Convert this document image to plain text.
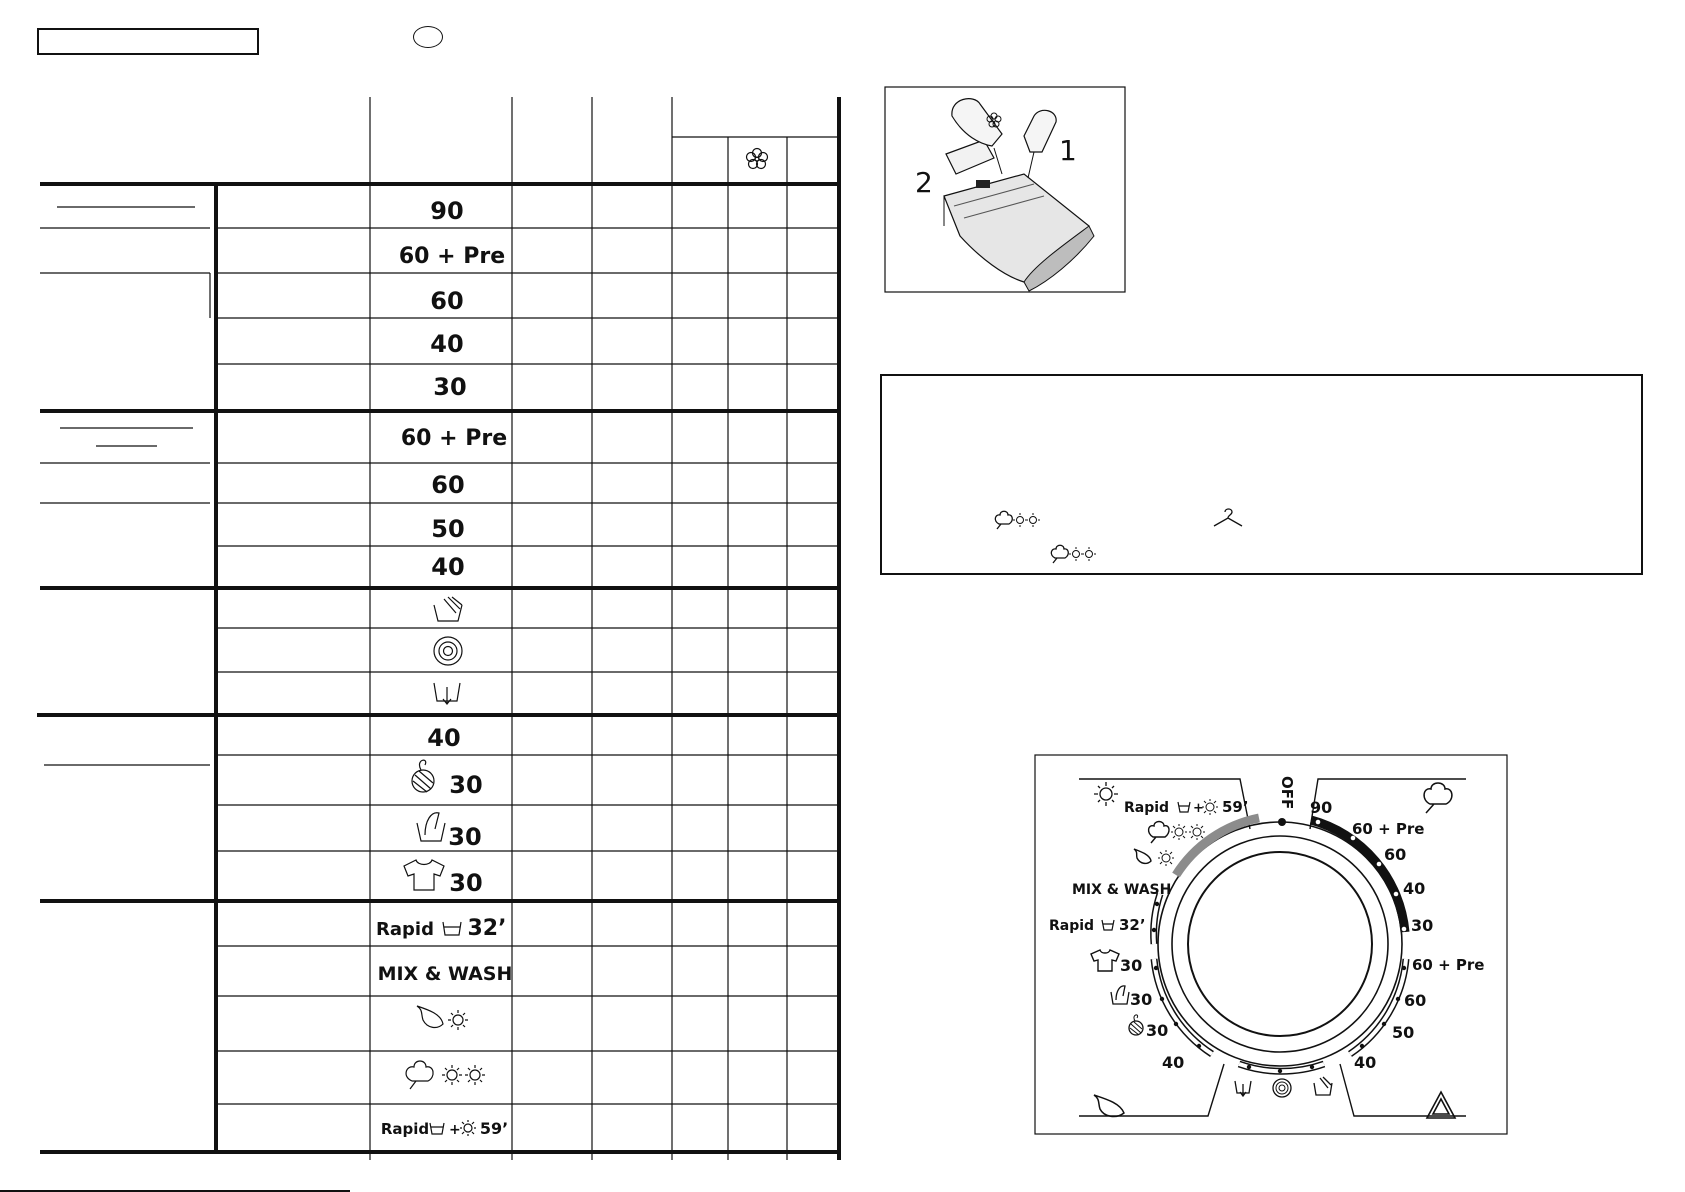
90
60 + Pre
60
40
30
60 + Pre
60
50
40
40
30
30
30
Rapid 32’
MIX & WASH
Rapid + 59’
1
2
OFF
Rapid + 59’
MIX & WASH
Rapid 32’
30
30
30
40
90
60 + Pre
60
40
30
60 + Pre
60
50
40
